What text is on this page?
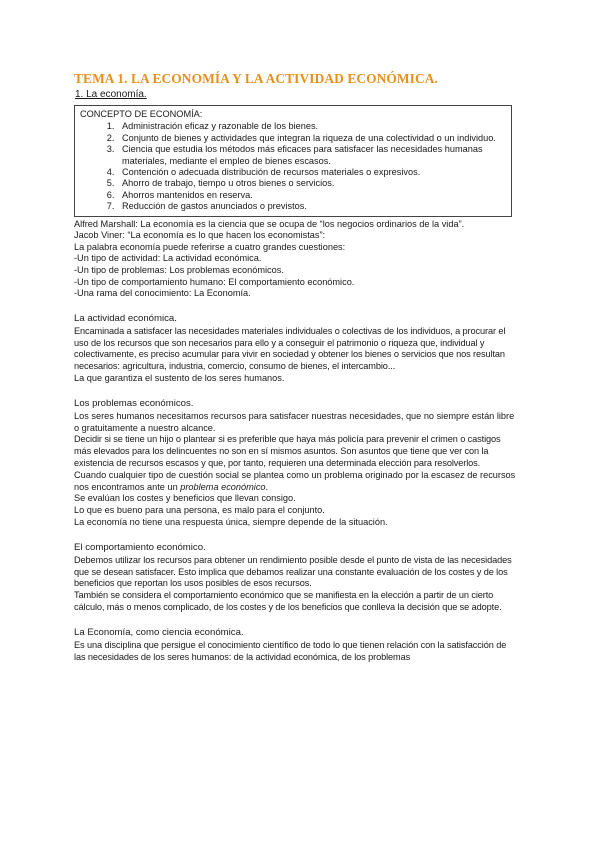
TEMA 1. LA ECONOMÍA Y LA ACTIVIDAD ECONÓMICA.
1. La economía.
CONCEPTO DE ECONOMÍA:
1. Administración eficaz y razonable de los bienes.
2. Conjunto de bienes y actividades que integran la riqueza de una colectividad o un individuo.
3. Ciencia que estudia los métodos más eficaces para satisfacer las necesidades humanas materiales, mediante el empleo de bienes escasos.
4. Contención o adecuada distribución de recursos materiales o expresivos.
5. Ahorro de trabajo, tiempo u otros bienes o servicios.
6. Ahorros mantenidos en reserva.
7. Reducción de gastos anunciados o previstos.

Alfred Marshall: La economía es la ciencia que se ocupa de “los negocios ordinarios de la vida”.

Jacob Viner: “La economía es lo que hacen los economistas”:

La palabra economía puede referirse a cuatro grandes cuestiones:

-Un tipo de actividad: La actividad económica.

-Un tipo de problemas: Los problemas económicos.

-Un tipo de comportamiento humano: El comportamiento económico.

-Una rama del conocimiento: La Economía.

La actividad económica.

Encaminada a satisfacer las necesidades materiales individuales o colectivas de los individuos, a procurar el uso de los recursos que son necesarios para ello y a conseguir el patrimonio o riqueza que, individual y colectivamente, es preciso acumular para vivir en sociedad y obtener los bienes o servicios que nos resultan necesarios: agricultura, industria, comercio, consumo de bienes, el intercambio...

La que garantiza el sustento de los seres humanos.

Los problemas económicos.

Los seres humanos necesitamos recursos para satisfacer nuestras necesidades, que no siempre están libre o gratuitamente a nuestro alcance.

Decidir si se tiene un hijo o plantear si es preferible que haya más policía para prevenir el crimen o castigos más elevados para los delincuentes no son en sí mismos asuntos. Son asuntos que tiene que ver con la existencia de recursos escasos y que, por tanto, requieren una determinada elección para resolverlos.

Cuando cualquier tipo de cuestión social se plantea como un problema originado por la escasez de recursos nos encontramos ante un problema económico.

Se evalúan los costes y beneficios que llevan consigo.

Lo que es bueno para una persona, es malo para el conjunto.

La economía no tiene una respuesta única, siempre depende de la situación.

El comportamiento económico.

Debemos utilizar los recursos para obtener un rendimiento posible desde el punto de vista de las necesidades que se desean satisfacer. Esto implica que debamos realizar una constante evaluación de los costes y de los beneficios que reportan los usos posibles de esos recursos.

También se considera el comportamiento económico que se manifiesta en la elección a partir de un cierto cálculo, más o menos complicado, de los costes y de los beneficios que conlleva la decisión que se adopte.

La Economía, como ciencia económica.

Es una disciplina que persigue el conocimiento científico de todo lo que tienen relación con la satisfacción de las necesidades de los seres humanos: de la actividad económica, de los problemas
